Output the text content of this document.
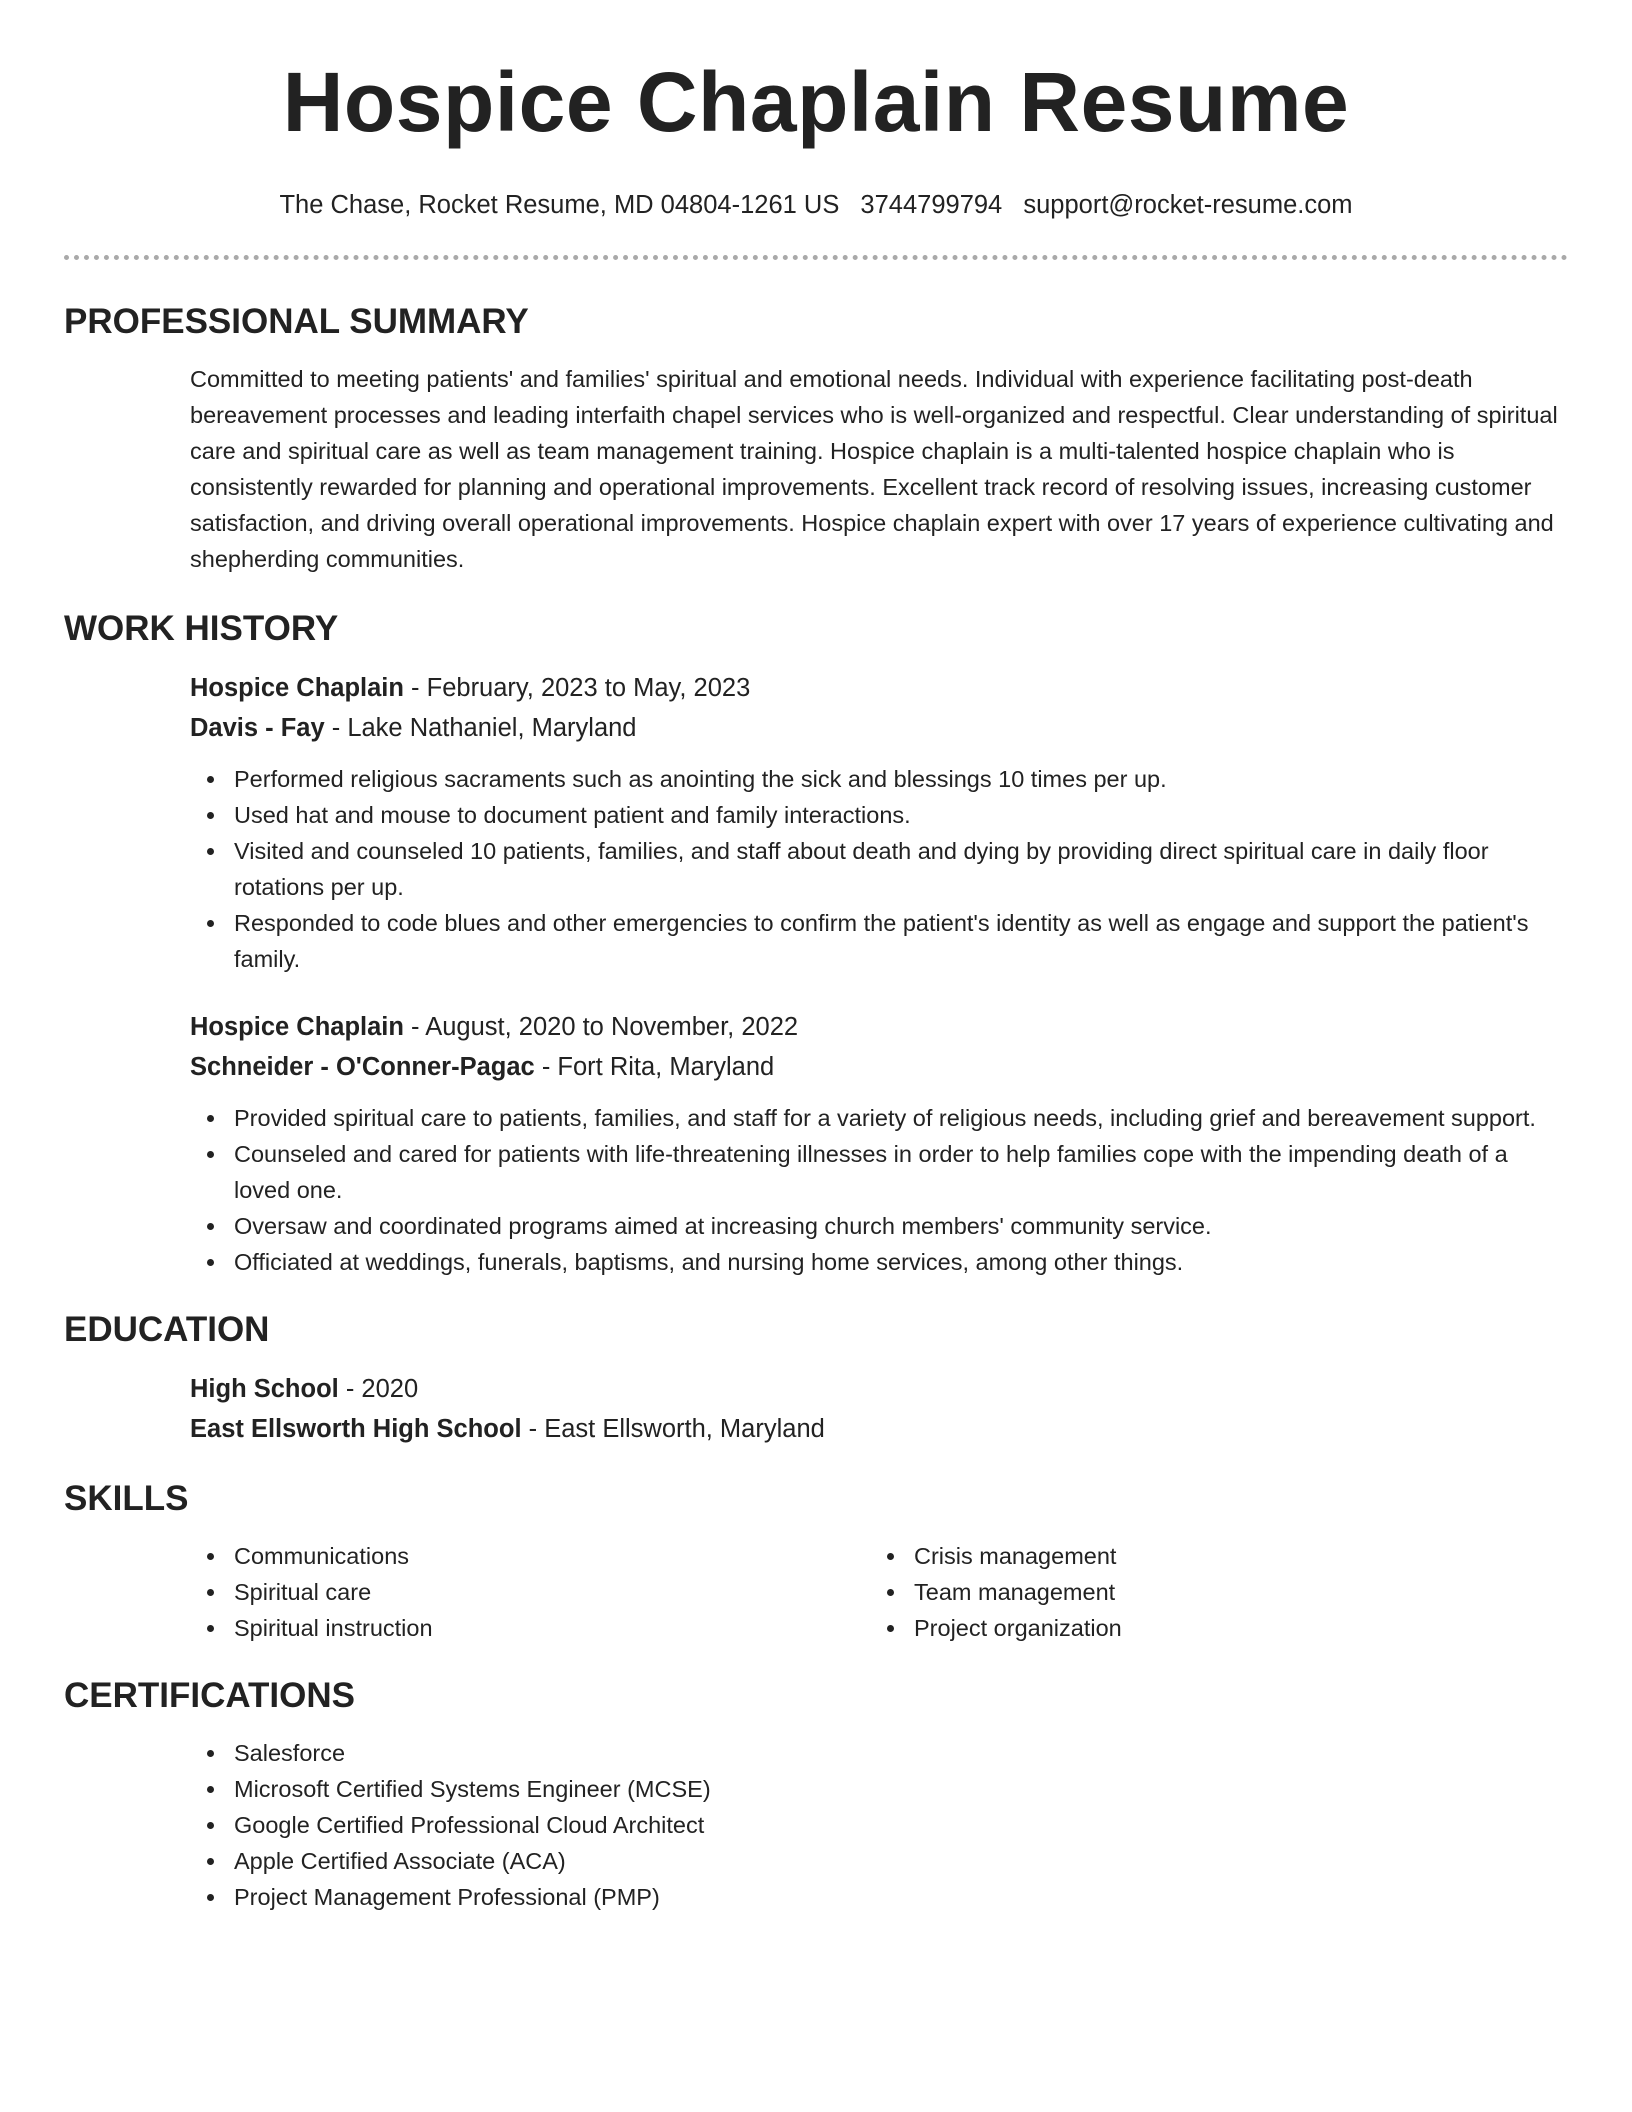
Hospice Chaplain Resume
The Chase, Rocket Resume, MD 04804-1261 US 3744799794 support@rocket-resume.com
PROFESSIONAL SUMMARY

Committed to meeting patients' and families' spiritual and emotional needs. Individual with experience facilitating post-death bereavement processes and leading interfaith chapel services who is well-organized and respectful. Clear understanding of spiritual care and spiritual care as well as team management training. Hospice chaplain is a multi-talented hospice chaplain who is consistently rewarded for planning and operational improvements. Excellent track record of resolving issues, increasing customer satisfaction, and driving overall operational improvements. Hospice chaplain expert with over 17 years of experience cultivating and shepherding communities.

WORK HISTORY
Hospice Chaplain - February, 2023 to May, 2023
Davis - Fay - Lake Nathaniel, Maryland
Performed religious sacraments such as anointing the sick and blessings 10 times per up.
Used hat and mouse to document patient and family interactions.
Visited and counseled 10 patients, families, and staff about death and dying by providing direct spiritual care in daily floor rotations per up.
Responded to code blues and other emergencies to confirm the patient's identity as well as engage and support the patient's family.
Hospice Chaplain - August, 2020 to November, 2022
Schneider - O'Conner-Pagac - Fort Rita, Maryland
Provided spiritual care to patients, families, and staff for a variety of religious needs, including grief and bereavement support.
Counseled and cared for patients with life-threatening illnesses in order to help families cope with the impending death of a loved one.
Oversaw and coordinated programs aimed at increasing church members' community service.
Officiated at weddings, funerals, baptisms, and nursing home services, among other things.
EDUCATION
High School - 2020
East Ellsworth High School - East Ellsworth, Maryland
SKILLS
Communications
Spiritual care
Spiritual instruction
Crisis management
Team management
Project organization
CERTIFICATIONS
Salesforce
Microsoft Certified Systems Engineer (MCSE)
Google Certified Professional Cloud Architect
Apple Certified Associate (ACA)
Project Management Professional (PMP)
